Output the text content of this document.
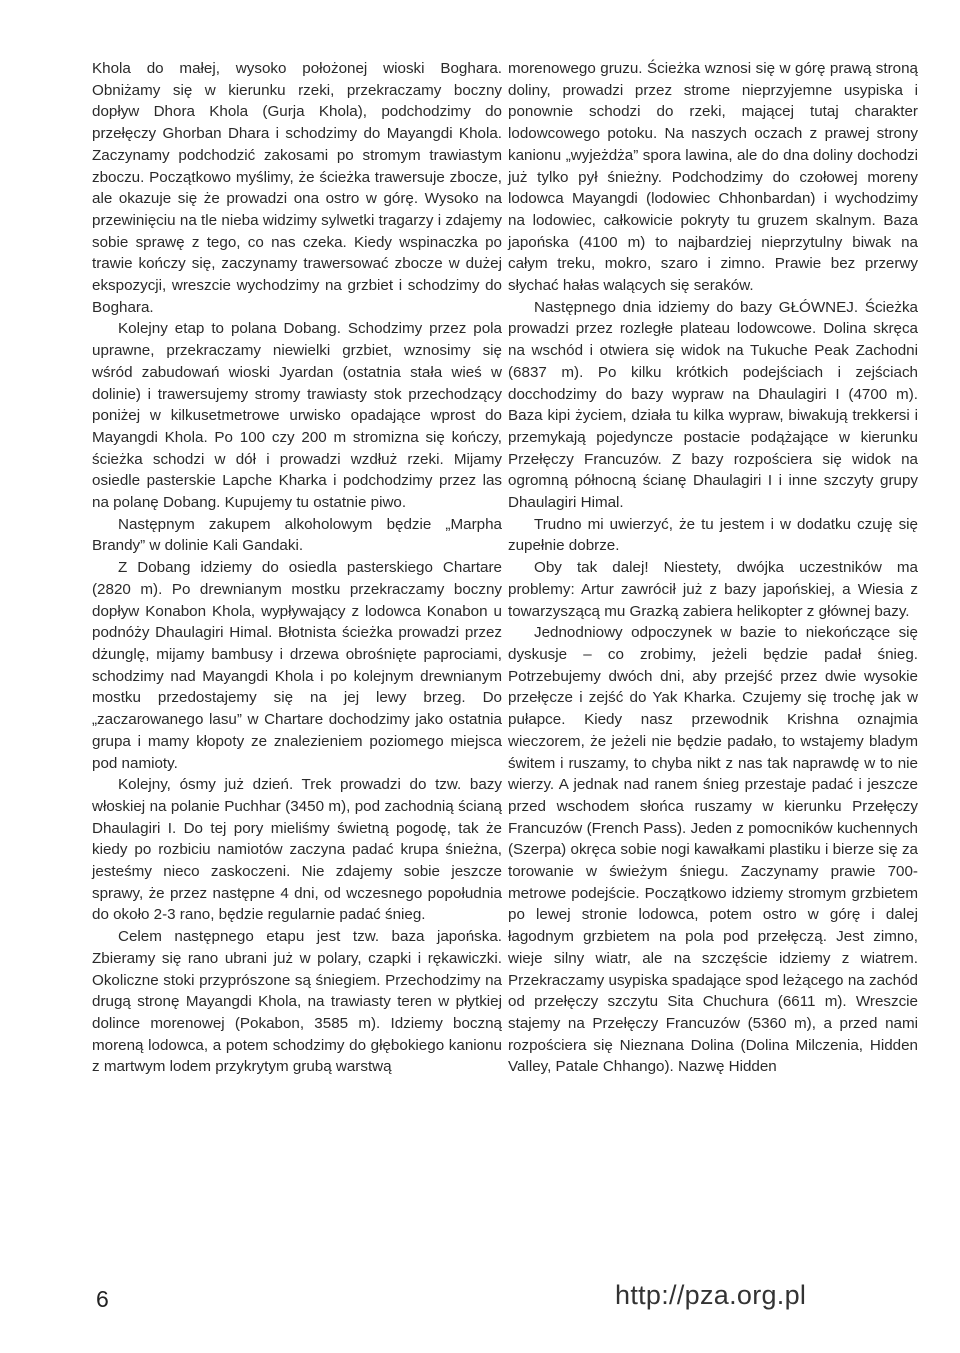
Khola do małej, wysoko położonej wioski Boghara. Obniżamy się w kierunku rzeki, przekraczamy boczny dopływ Dhora Khola (Gurja Khola), podchodzimy do przełęczy Ghorban Dhara i schodzimy do Mayangdi Khola. Zaczynamy podchodzić zakosami po stromym trawiastym zboczu. Początkowo myślimy, że ścieżka trawersuje zbocze, ale okazuje się że prowadzi ona ostro w górę. Wysoko na przewinięciu na tle nieba widzimy sylwetki tragarzy i zdajemy sobie sprawę z tego, co nas czeka. Kiedy wspinaczka po trawie kończy się, zaczynamy trawersować zbocze w dużej ekspozycji, wreszcie wychodzimy na grzbiet i schodzimy do Boghara.

Kolejny etap to polana Dobang. Schodzimy przez pola uprawne, przekraczamy niewielki grzbiet, wznosimy się wśród zabudowań wioski Jyardan (ostatnia stała wieś w dolinie) i trawersujemy stromy trawiasty stok przechodzący poniżej w kilkusetmetrowe urwisko opadające wprost do Mayangdi Khola. Po 100 czy 200 m stromizna się kończy, ścieżka schodzi w dół i prowadzi wzdłuż rzeki. Mijamy osiedle pasterskie Lapche Kharka i podchodzimy przez las na polanę Dobang. Kupujemy tu ostatnie piwo.

Następnym zakupem alkoholowym będzie „Marpha Brandy” w dolinie Kali Gandaki.

Z Dobang idziemy do osiedla pasterskiego Chartare (2820 m). Po drewnianym mostku przekraczamy boczny dopływ Konabon Khola, wypływający z lodowca Konabon u podnóży Dhaulagiri Himal. Błotnista ścieżka prowadzi przez dżunglę, mijamy bambusy i drzewa obrośnięte paprociami, schodzimy nad Mayangdi Khola i po kolejnym drewnianym mostku przedostajemy się na jej lewy brzeg. Do „zaczarowanego lasu” w Chartare dochodzimy jako ostatnia grupa i mamy kłopoty ze znalezieniem poziomego miejsca pod namioty.

Kolejny, ósmy już dzień. Trek prowadzi do tzw. bazy włoskiej na polanie Puchhar (3450 m), pod zachodnią ścianą Dhaulagiri I. Do tej pory mieliśmy świetną pogodę, tak że kiedy po rozbiciu namiotów zaczyna padać krupa śnieżna, jesteśmy nieco zaskoczeni. Nie zdajemy sobie jeszcze sprawy, że przez następne 4 dni, od wczesnego popołudnia do około 2-3 rano, będzie regularnie padać śnieg.

Celem następnego etapu jest tzw. baza japońska. Zbieramy się rano ubrani już w polary, czapki i rękawiczki. Okoliczne stoki przyprószone są śniegiem. Przechodzimy na drugą stronę Mayangdi Khola, na trawiasty teren w płytkiej dolince morenowej (Pokabon, 3585 m). Idziemy boczną moreną lodowca, a potem schodzimy do głębokiego kanionu z martwym lodem przykrytym grubą warstwą

morenowego gruzu. Ścieżka wznosi się w górę prawą stroną doliny, prowadzi przez strome nieprzyjemne usypiska i ponownie schodzi do rzeki, mającej tutaj charakter lodowcowego potoku. Na naszych oczach z prawej strony kanionu „wyjeżdża” spora lawina, ale do dna doliny dochodzi już tylko pył śnieżny. Podchodzimy do czołowej moreny lodowca Mayangdi (lodowiec Chhonbardan) i wychodzimy na lodowiec, całkowicie pokryty tu gruzem skalnym. Baza japońska (4100 m) to najbardziej nieprzytulny biwak na całym treku, mokro, szaro i zimno. Prawie bez przerwy słychać hałas walących się seraków.

Następnego dnia idziemy do bazy GŁÓWNEJ. Ścieżka prowadzi przez rozległe plateau lodowcowe. Dolina skręca na wschód i otwiera się widok na Tukuche Peak Zachodni (6837 m). Po kilku krótkich podejściach i zejściach docchodzimy do bazy wypraw na Dhaulagiri I (4700 m). Baza kipi życiem, działa tu kilka wypraw, biwakują trekkersi i przemykają pojedyncze postacie podążające w kierunku Przełęczy Francuzów. Z bazy rozpościera się widok na ogromną północną ścianę Dhaulagiri I i inne szczyty grupy Dhaulagiri Himal.

Trudno mi uwierzyć, że tu jestem i w dodatku czuję się zupełnie dobrze.

Oby tak dalej! Niestety, dwójka uczestników ma problemy: Artur zawrócił już z bazy japońskiej, a Wiesia z towarzyszącą mu Grazką zabiera helikopter z głównej bazy.

Jednodniowy odpoczynek w bazie to niekończące się dyskusje – co zrobimy, jeżeli będzie padał śnieg. Potrzebujemy dwóch dni, aby przejść przez dwie wysokie przełęcze i zejść do Yak Kharka. Czujemy się trochę jak w pułapce. Kiedy nasz przewodnik Krishna oznajmia wieczorem, że jeżeli nie będzie padało, to wstajemy bladym świtem i ruszamy, to chyba nikt z nas tak naprawdę w to nie wierzy. A jednak nad ranem śnieg przestaje padać i jeszcze przed wschodem słońca ruszamy w kierunku Przełęczy Francuzów (French Pass). Jeden z pomocników kuchennych (Szerpa) okręca sobie nogi kawałkami plastiku i bierze się za torowanie w świeżym śniegu. Zaczynamy prawie 700-metrowe podejście. Początkowo idziemy stromym grzbietem po lewej stronie lodowca, potem ostro w górę i dalej łagodnym grzbietem na pola pod przełęczą. Jest zimno, wieje silny wiatr, ale na szczęście idziemy z wiatrem. Przekraczamy usypiska spadające spod leżącego na zachód od przełęczy szczytu Sita Chuchura (6611 m). Wreszcie stajemy na Przełęczy Francuzów (5360 m), a przed nami rozpościera się Nieznana Dolina (Dolina Milczenia, Hidden Valley, Patale Chhango). Nazwę Hidden

6	http://pza.org.pl
